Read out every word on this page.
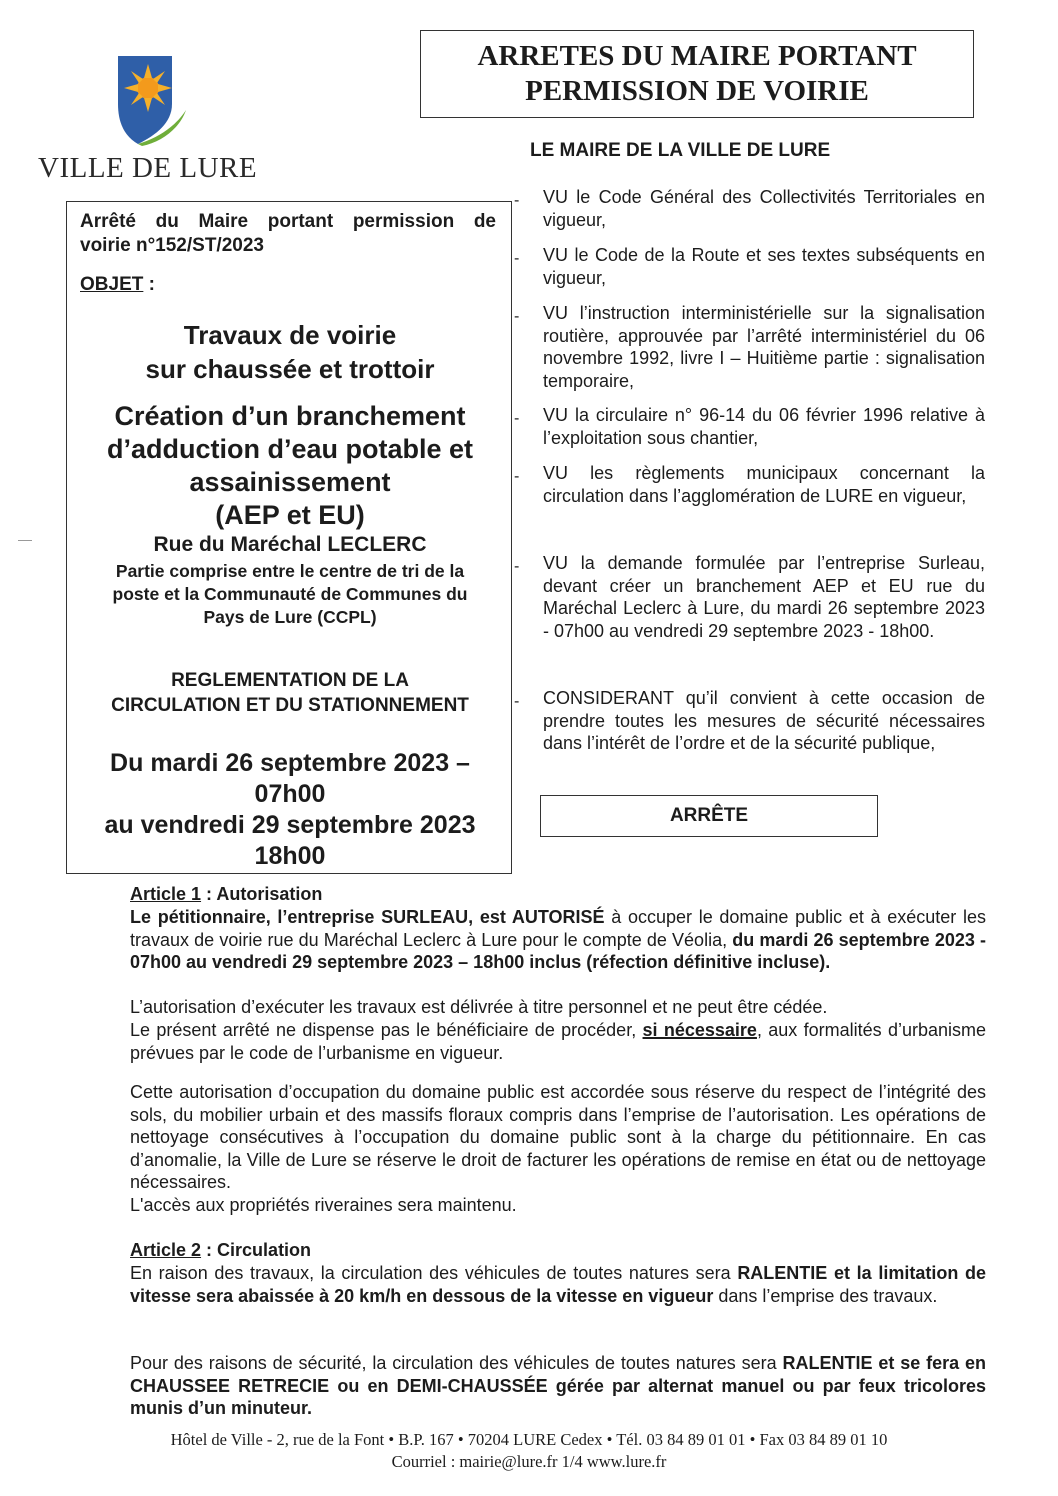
VILLE DE LURE
ARRETES DU MAIRE PORTANT
PERMISSION DE VOIRIE
LE MAIRE DE LA VILLE DE LURE
Arrêté du Maire portant permission de
voirie n°152/ST/2023
OBJET :
Travaux de voirie
sur chaussée et trottoir
Création d’un branchement
d’adduction d’eau potable et
assainissement
(AEP et EU)
Rue du Maréchal LECLERC
Partie comprise entre le centre de tri de la
poste et la Communauté de Communes du
Pays de Lure (CCPL)
REGLEMENTATION DE LA
CIRCULATION ET DU STATIONNEMENT
Du mardi 26 septembre 2023 –
07h00
au vendredi 29 septembre 2023
18h00
- VU le Code Général des Collectivités Territoriales en vigueur,
- VU le Code de la Route et ses textes subséquents en vigueur,
- VU l’instruction interministérielle sur la signalisation routière, approuvée par l’arrêté interministériel du 06 novembre 1992, livre I – Huitième partie : signalisation temporaire,
- VU la circulaire n° 96-14 du 06 février 1996 relative à l’exploitation sous chantier,
- VU les règlements municipaux concernant la circulation dans l’agglomération de LURE en vigueur,
- VU la demande formulée par l’entreprise Surleau, devant créer un branchement AEP et EU rue du Maréchal Leclerc à Lure, du mardi 26 septembre 2023 - 07h00 au vendredi 29 septembre 2023 - 18h00.
- CONSIDERANT qu’il convient à cette occasion de prendre toutes les mesures de sécurité nécessaires dans l’intérêt de l’ordre et de la sécurité publique,
ARRÊTE
Article 1 : Autorisation
Le pétitionnaire, l’entreprise SURLEAU, est AUTORISÉ à occuper le domaine public et à exécuter les travaux de voirie rue du Maréchal Leclerc à Lure pour le compte de Véolia, du mardi 26 septembre 2023 - 07h00 au vendredi 29 septembre 2023 – 18h00 inclus (réfection définitive incluse).
L’autorisation d’exécuter les travaux est délivrée à titre personnel et ne peut être cédée.
Le présent arrêté ne dispense pas le bénéficiaire de procéder, si nécessaire, aux formalités d’urbanisme prévues par le code de l’urbanisme en vigueur.
Cette autorisation d’occupation du domaine public est accordée sous réserve du respect de l’intégrité des sols, du mobilier urbain et des massifs floraux compris dans l’emprise de l’autorisation. Les opérations de nettoyage consécutives à l’occupation du domaine public sont à la charge du pétitionnaire. En cas d’anomalie, la Ville de Lure se réserve le droit de facturer les opérations de remise en état ou de nettoyage nécessaires.
L'accès aux propriétés riveraines sera maintenu.
Article 2 : Circulation
En raison des travaux, la circulation des véhicules de toutes natures sera RALENTIE et la limitation de vitesse sera abaissée à 20 km/h en dessous de la vitesse en vigueur dans l’emprise des travaux.
Pour des raisons de sécurité, la circulation des véhicules de toutes natures sera RALENTIE et se fera en CHAUSSEE RETRECIE ou en DEMI-CHAUSSÉE gérée par alternat manuel ou par feux tricolores munis d’un minuteur.
Hôtel de Ville - 2, rue de la Font • B.P. 167 • 70204 LURE Cedex • Tél. 03 84 89 01 01 • Fax 03 84 89 01 10
Courriel : mairie@lure.fr 1/4 www.lure.fr
